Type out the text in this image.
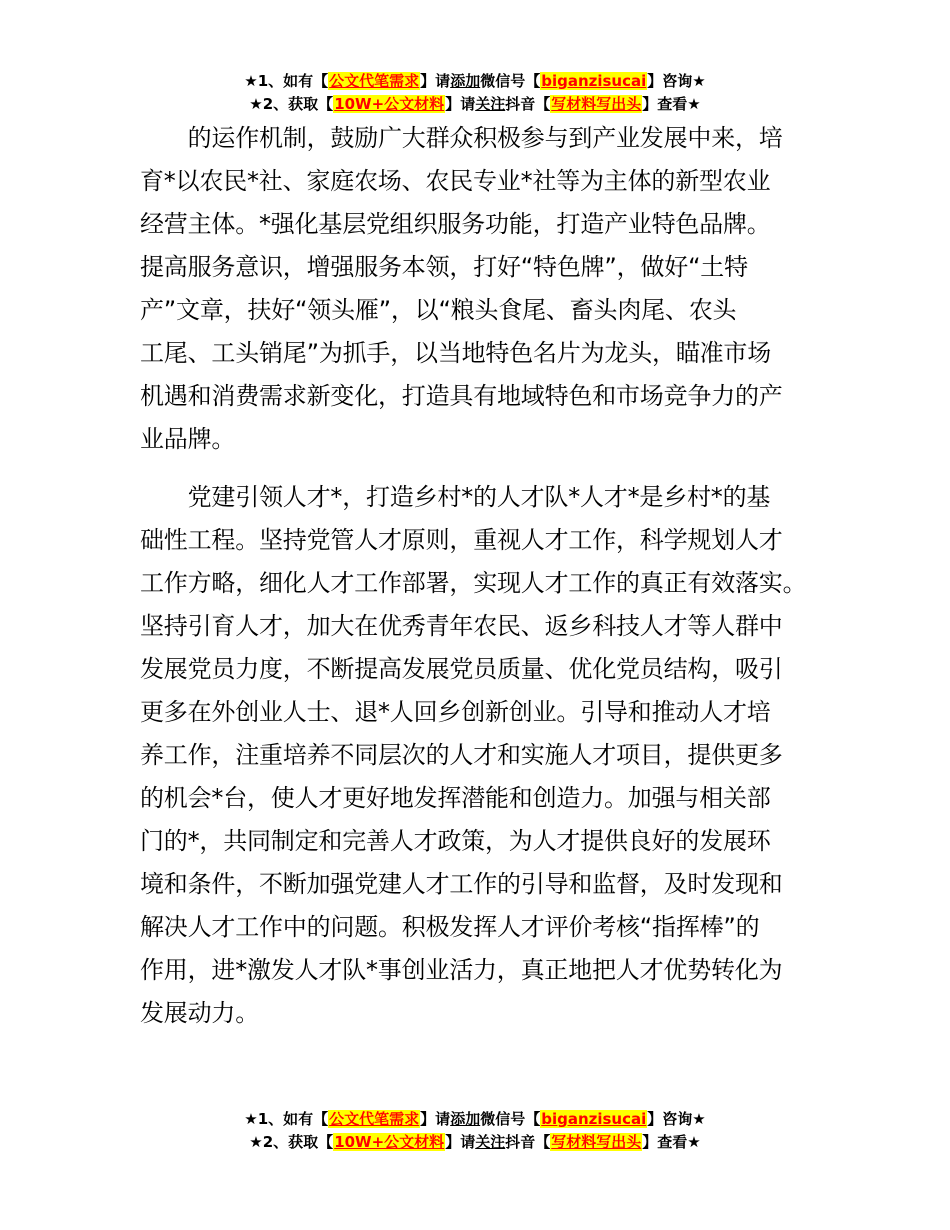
★1、如有【公文代笔需求】请添加微信号【biganzisucai】咨询★
★2、获取【10W+公文材料】请关注抖音【写材料写出头】查看★
　　的运作机制，鼓励广大群众积极参与到产业发展中来，培
育*以农民*社、家庭农场、农民专业*社等为主体的新型农业
经营主体。*强化基层党组织服务功能，打造产业特色品牌。
提高服务意识，增强服务本领，打好“特色牌”，做好“土特
产”文章，扶好“领头雁”，以“粮头食尾、畜头肉尾、农头
工尾、工头销尾”为抓手，以当地特色名片为龙头，瞄准市场
机遇和消费需求新变化，打造具有地域特色和市场竞争力的产
业品牌。
　　党建引领人才*，打造乡村*的人才队*人才*是乡村*的基
础性工程。坚持党管人才原则，重视人才工作，科学规划人才
工作方略，细化人才工作部署，实现人才工作的真正有效落实。
坚持引育人才，加大在优秀青年农民、返乡科技人才等人群中
发展党员力度，不断提高发展党员质量、优化党员结构，吸引
更多在外创业人士、退*人回乡创新创业。引导和推动人才培
养工作，注重培养不同层次的人才和实施人才项目，提供更多
的机会*台，使人才更好地发挥潜能和创造力。加强与相关部
门的*，共同制定和完善人才政策，为人才提供良好的发展环
境和条件，不断加强党建人才工作的引导和监督，及时发现和
解决人才工作中的问题。积极发挥人才评价考核“指挥棒”的
作用，进*激发人才队*事创业活力，真正地把人才优势转化为
发展动力。
★1、如有【公文代笔需求】请添加微信号【biganzisucai】咨询★
★2、获取【10W+公文材料】请关注抖音【写材料写出头】查看★
